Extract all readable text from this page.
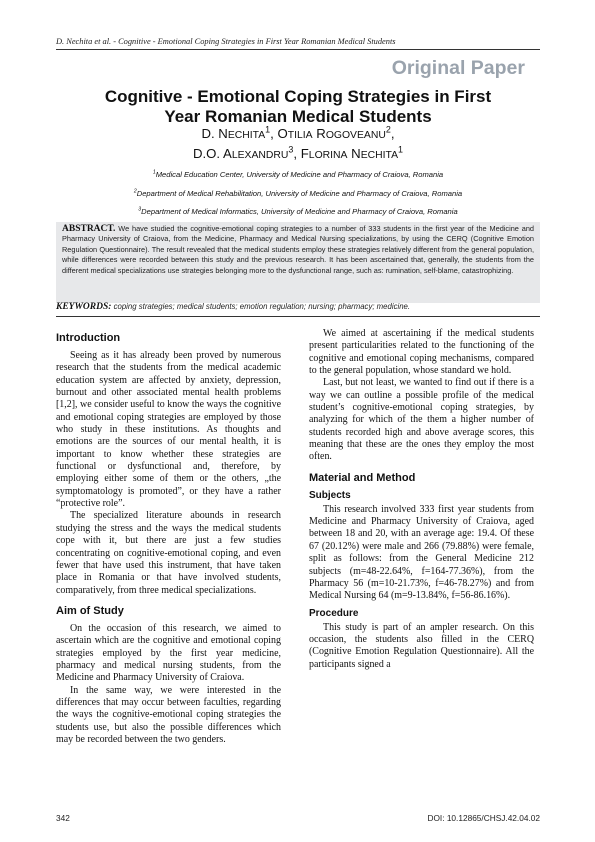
D. Nechita et al. - Cognitive - Emotional Coping Strategies in First Year Romanian Medical Students
Original Paper
Cognitive - Emotional Coping Strategies in First
Year Romanian Medical Students
D. NECHITA$^1$, OTILIA ROGOVEANU$^2$,
D.O. ALEXANDRU$^3$, FLORINA NECHITA$^1$
$^1$Medical Education Center, University of Medicine and Pharmacy of Craiova, Romania
$^2$Department of Medical Rehabilitation, University of Medicine and Pharmacy of Craiova, Romania
$^3$Department of Medical Informatics, University of Medicine and Pharmacy of Craiova, Romania

ABSTRACT. We have studied the cognitive-emotional coping strategies to a number of 333 students in the first year of the Medicine and Pharmacy University of Craiova, from the Medicine, Pharmacy and Medical Nursing specializations, by using the CERQ (Cognitive Emotion Regulation Questionnaire). The result revealed that the medical students employ these strategies relatively different from the general population, while differences were recorded between this study and the previous research. It has been ascertained that, generally, the students from the different medical specializations use strategies belonging more to the dysfunctional range, such as: rumination, self-blame, catastrophizing.

KEYWORDS: coping strategies; medical students; emotion regulation; nursing; pharmacy; medicine.
Introduction

Seeing as it has already been proved by numerous research that the students from the medical academic education system are affected by anxiety, depression, burnout and other associated mental health problems [1,2], we consider useful to know the ways the cognitive and emotional coping strategies are employed by those who study in these institutions. As thoughts and emotions are the sources of our mental health, it is important to know whether these strategies are functional or dysfunctional and, therefore, by employing either some of them or the others, „the symptomatology is promoted”, or they have a rather “protective role”.

The specialized literature abounds in research studying the stress and the ways the medical students cope with it, but there are just a few studies concentrating on cognitive-emotional coping, and even fewer that have used this instrument, that have taken place in Romania or that have involved students, comparatively, from three medical specializations.

Aim of Study

On the occasion of this research, we aimed to ascertain which are the cognitive and emotional coping strategies employed by the first year medicine, pharmacy and medical nursing students, from the Medicine and Pharmacy University of Craiova.

In the same way, we were interested in the differences that may occur between faculties, regarding the ways the cognitive-emotional coping strategies the students use, but also the possible differences which may be recorded between the two genders.

We aimed at ascertaining if the medical students present particularities related to the functioning of the cognitive and emotional coping mechanisms, compared to the general population, whose standard we hold.

Last, but not least, we wanted to find out if there is a way we can outline a possible profile of the medical student’s cognitive-emotional coping strategies, by analyzing for which of the them a higher number of students recorded high and above average scores, this meaning that these are the ones they employ the most often.

Material and Method
Subjects

This research involved 333 first year students from Medicine and Pharmacy University of Craiova, aged between 18 and 20, with an average age: 19.4. Of these 67 (20.12%) were male and 266 (79.88%) were female, split as follows: from the General Medicine 212 subjects (m=48-22.64%, f=164-77.36%), from the Pharmacy 56 (m=10-21.73%, f=46-78.27%) and from Medical Nursing 64 (m=9-13.84%, f=56-86.16%).

Procedure

This study is part of an ampler research. On this occasion, the students also filled in the CERQ (Cognitive Emotion Regulation Questionnaire). All the participants signed a

342	DOI: 10.12865/CHSJ.42.04.02
